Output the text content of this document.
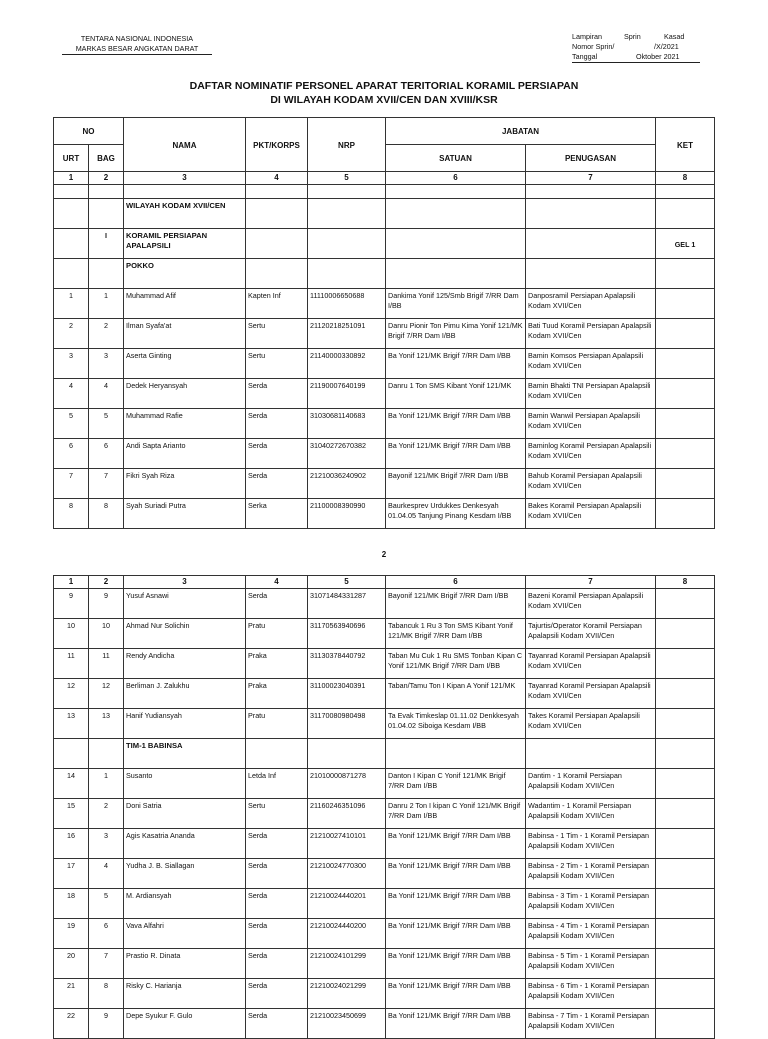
TENTARA NASIONAL INDONESIA
MARKAS BESAR ANGKATAN DARAT
Lampiran	Sprin	Kasad
Nomor Sprin/	/X/2021
Tanggal	Oktober 2021
DAFTAR NOMINATIF PERSONEL APARAT TERITORIAL KORAMIL PERSIAPAN
DI WILAYAH KODAM XVII/CEN DAN XVIII/KSR
NO		NAMA	PKT/KORPS	NRP	JABATAN		KET
URT	BAG				SATUAN	PENUGASAN	
1	2	3	4	5	6	7	8

		WILAYAH KODAM XVII/CEN					
	I	KORAMIL PERSIAPAN APALAPSILI					GEL 1
		POKKO					
1	1	Muhammad Afif	Kapten Inf	11110006650688	Dankima Yonif 125/Smb Brigif 7/RR Dam I/BB	Danposramil Persiapan Apalapsili Kodam XVII/Cen	
2	2	Ilman Syafa'at	Sertu	21120218251091	Danru Pionir Ton Pimu Kima Yonif 121/MK Brigif 7/RR Dam I/BB	Bati Tuud Koramil Persiapan Apalapsili Kodam XVII/Cen	
3	3	Aserta Ginting	Sertu	21140000330892	Ba Yonif 121/MK Brigif 7/RR Dam I/BB	Bamin Komsos Persiapan Apalapsili Kodam XVII/Cen	
4	4	Dedek Heryansyah	Serda	21190007640199	Danru 1 Ton SMS Kibant Yonif 121/MK	Bamin Bhakti TNI Persiapan Apalapsili Kodam XVII/Cen	
5	5	Muhammad Rafie	Serda	31030681140683	Ba Yonif 121/MK Brigif 7/RR Dam I/BB	Bamin Wanwil Persiapan Apalapsili Kodam XVII/Cen	
6	6	Andi Sapta Arianto	Serda	31040272670382	Ba Yonif 121/MK Brigif 7/RR Dam I/BB	Baminlog Koramil Persiapan Apalapsili Kodam XVII/Cen	
7	7	Fikri Syah Riza	Serda	21210036240902	Bayonif 121/MK Brigif 7/RR Dam I/BB	Bahub Koramil Persiapan Apalapsili Kodam XVII/Cen	
8	8	Syah Suriadi Putra	Serka	21100008390990	Baurkesprev Urdukkes Denkesyah 01.04.05 Tanjung Pinang Kesdam I/BB	Bakes Koramil Persiapan Apalapsili Kodam XVII/Cen	
2
1	2	3	4	5	6	7	8
9	9	Yusuf Asnawi	Serda	31071484331287	Bayonif 121/MK Brigif 7/RR Dam I/BB	Bazeni Koramil Persiapan Apalapsili Kodam XVII/Cen	
10	10	Ahmad Nur Solichin	Pratu	31170563940696	Tabancuk 1 Ru 3 Ton SMS Kibant Yonif 121/MK Brigif 7/RR Dam I/BB	Tajurtis/Operator Koramil Persiapan Apalapsili Kodam XVII/Cen	
11	11	Rendy Andicha	Praka	31130378440792	Taban Mu Cuk 1 Ru SMS Tonban Kipan C Yonif 121/MK Brigif 7/RR Dam I/BB	Tayanrad Koramil Persiapan Apalapsili Kodam XVII/Cen	
12	12	Berliman J. Zalukhu	Praka	31100023040391	Taban/Tamu Ton I Kipan A Yonif 121/MK	Tayanrad Koramil Persiapan Apalapsili Kodam XVII/Cen	
13	13	Hanif Yudiansyah	Pratu	31170080980498	Ta Evak Timkeslap 01.11.02 Denkkesyah 01.04.02 Siboiga Kesdam I/BB	Takes Koramil Persiapan Apalapsili Kodam XVII/Cen	
		TIM-1 BABINSA					
14	1	Susanto	Letda Inf	21010000871278	Danton I Kipan C Yonif 121/MK Brigif 7/RR Dam I/BB	Dantim - 1 Koramil Persiapan Apalapsili Kodam XVII/Cen	
15	2	Doni Satria	Sertu	21160246351096	Danru 2 Ton I kipan C Yonif 121/MK Brigif 7/RR Dam I/BB	Wadantim - 1 Koramil Persiapan Apalapsili Kodam XVII/Cen	
16	3	Agis Kasatria Ananda	Serda	21210027410101	Ba Yonif 121/MK Brigif 7/RR Dam I/BB	Babinsa - 1 Tim - 1 Koramil Persiapan Apalapsili Kodam XVII/Cen	
17	4	Yudha J. B. Siallagan	Serda	21210024770300	Ba Yonif 121/MK Brigif 7/RR Dam I/BB	Babinsa - 2 Tim - 1 Koramil Persiapan Apalapsili Kodam XVII/Cen	
18	5	M. Ardiansyah	Serda	21210024440201	Ba Yonif 121/MK Brigif 7/RR Dam I/BB	Babinsa - 3 Tim - 1 Koramil Persiapan Apalapsili Kodam XVII/Cen	
19	6	Vava Alfahri	Serda	21210024440200	Ba Yonif 121/MK Brigif 7/RR Dam I/BB	Babinsa - 4 Tim - 1 Koramil Persiapan Apalapsili Kodam XVII/Cen	
20	7	Prastio R. Dinata	Serda	21210024101299	Ba Yonif 121/MK Brigif 7/RR Dam I/BB	Babinsa - 5 Tim - 1 Koramil Persiapan Apalapsili Kodam XVII/Cen	
21	8	Risky C. Harianja	Serda	21210024021299	Ba Yonif 121/MK Brigif 7/RR Dam I/BB	Babinsa - 6 Tim - 1 Koramil Persiapan Apalapsili Kodam XVII/Cen	
22	9	Depe Syukur F. Gulo	Serda	21210023450699	Ba Yonif 121/MK Brigif 7/RR Dam I/BB	Babinsa - 7 Tim - 1 Koramil Persiapan Apalapsili Kodam XVII/Cen	
